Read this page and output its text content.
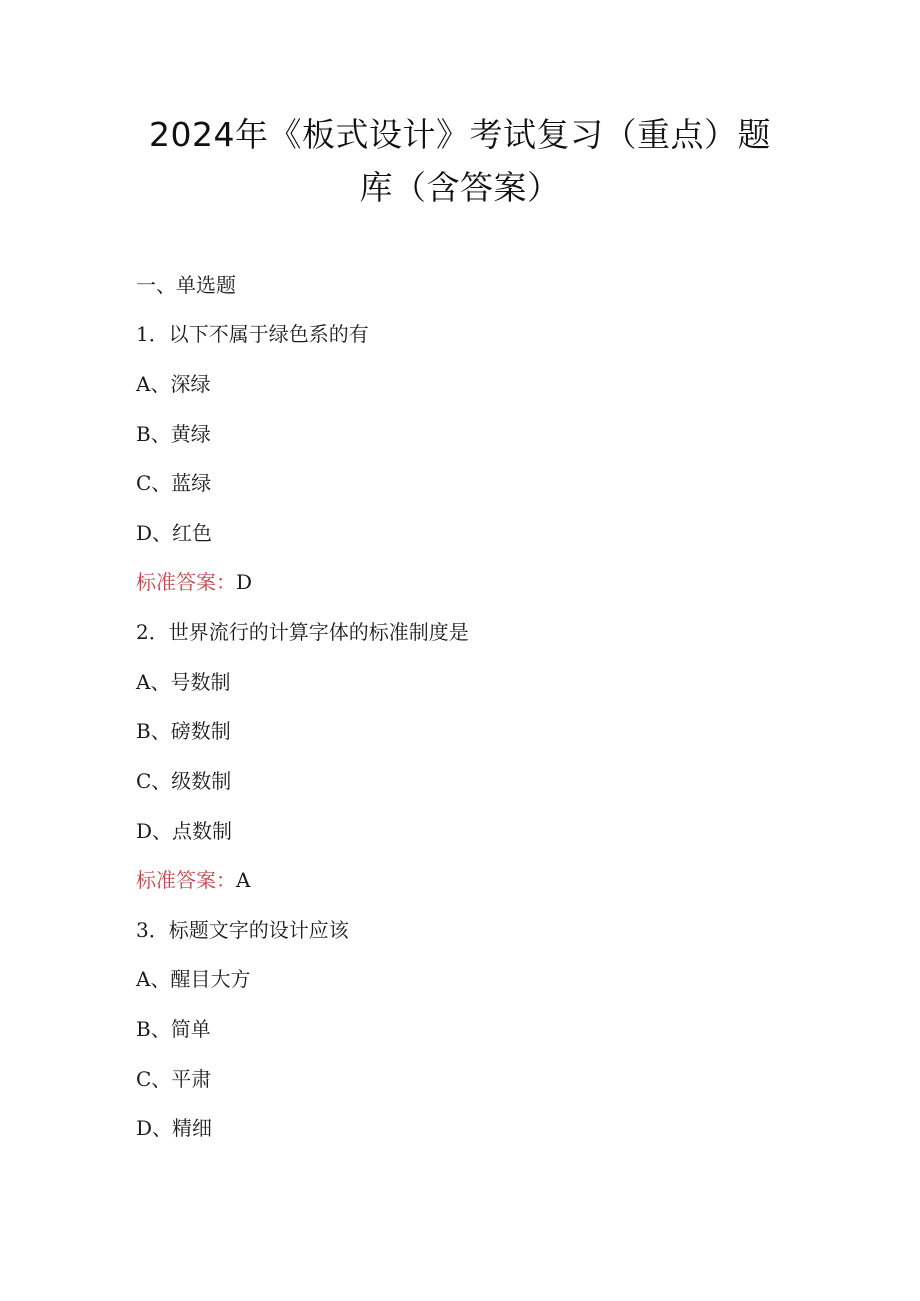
2024年《板式设计》考试复习（重点）题
库（含答案）
一、单选题
1．以下不属于绿色系的有
A、深绿
B、黄绿
C、蓝绿
D、红色
标准答案：D
2．世界流行的计算字体的标准制度是
A、号数制
B、磅数制
C、级数制
D、点数制
标准答案：A
3．标题文字的设计应该
A、醒目大方
B、简单
C、平肃
D、精细
